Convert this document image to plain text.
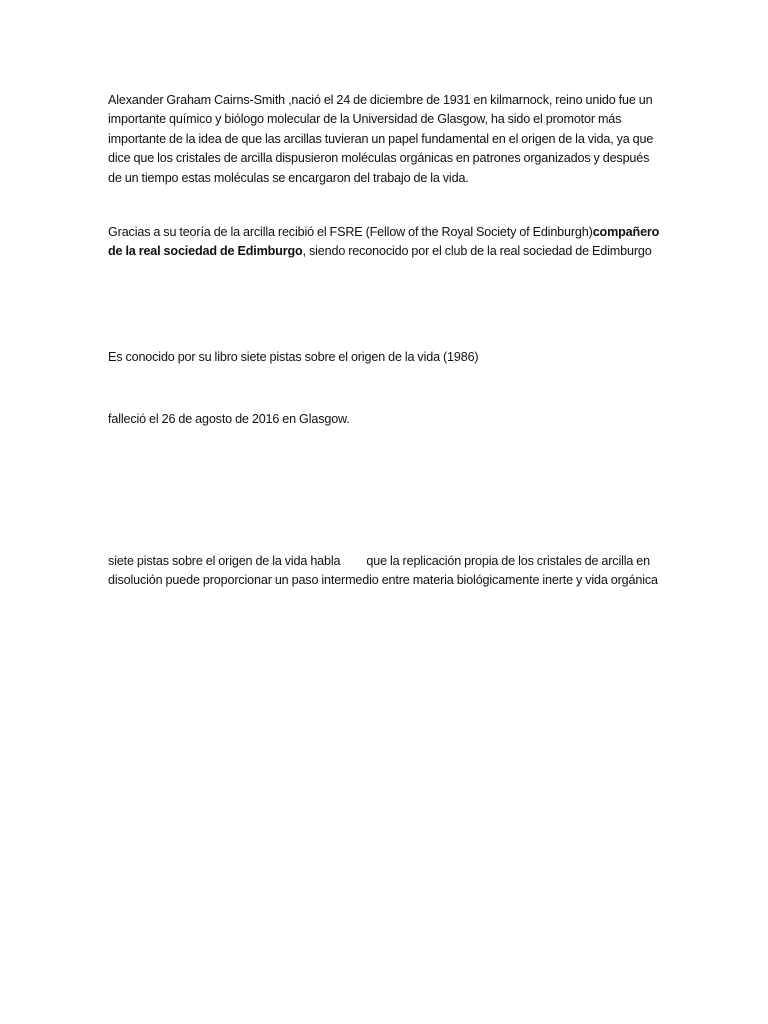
Alexander Graham Cairns-Smith ,nació el 24 de diciembre de 1931 en kilmarnock, reino unido fue un importante químico y biólogo molecular de la Universidad de Glasgow, ha sido el promotor más importante de la idea de que las arcillas tuvieran un papel fundamental en el origen de la vida, ya que dice que los cristales de arcilla dispusieron moléculas orgánicas en patrones organizados y después de un tiempo estas moléculas se encargaron del trabajo de la vida.

Gracias a su teoría de la arcilla recibió el FSRE (Fellow of the Royal Society of Edinburgh)compañero de la real sociedad de Edimburgo, siendo reconocido por el club de la real sociedad de Edimburgo

Es conocido por su libro siete pistas sobre el origen de la vida (1986)

falleció el 26 de agosto de 2016 en Glasgow.

siete pistas sobre el origen de la vida habla que la replicación propia de los cristales de arcilla en disolución puede proporcionar un paso intermedio entre materia biológicamente inerte y vida orgánica
